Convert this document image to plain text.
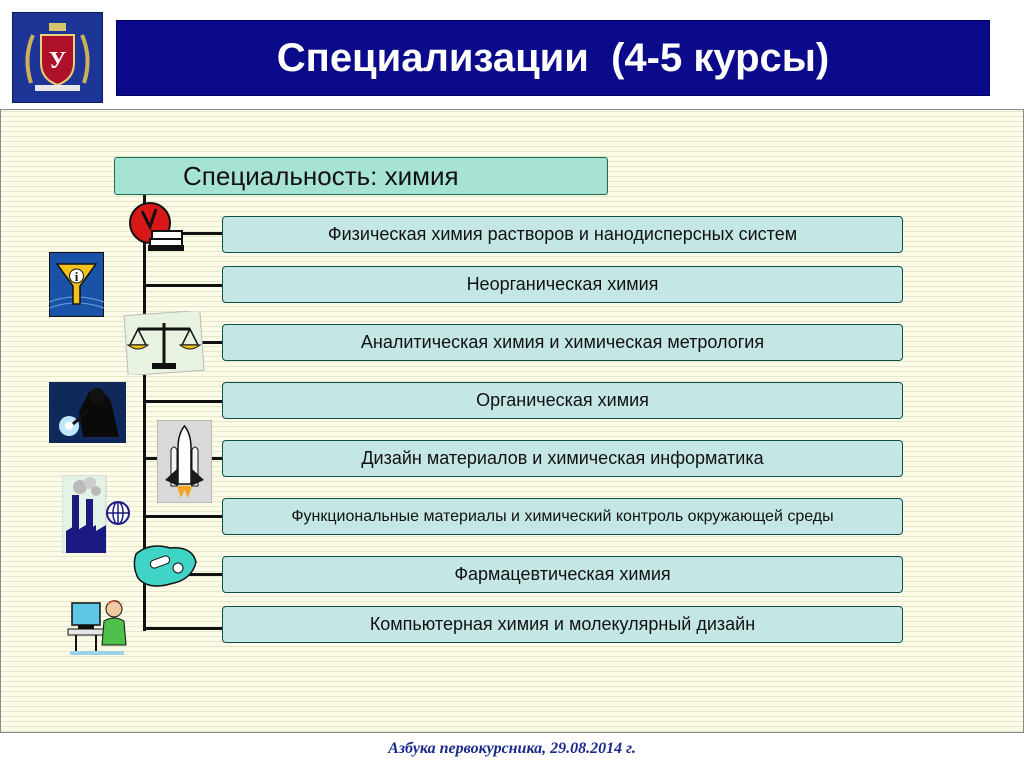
У	Специализации  (4-5 курсы)
Специальность: химия
Физическая химия растворов и нанодисперсных систем
Неорганическая химия
Аналитическая химия и химическая метрология
Органическая химия
Дизайн материалов и химическая информатика
Функциональные материалы и химический контроль окружающей среды
Фармацевтическая химия
Компьютерная химия и молекулярный дизайн
i
Азбука первокурсника, 29.08.2014 г.
